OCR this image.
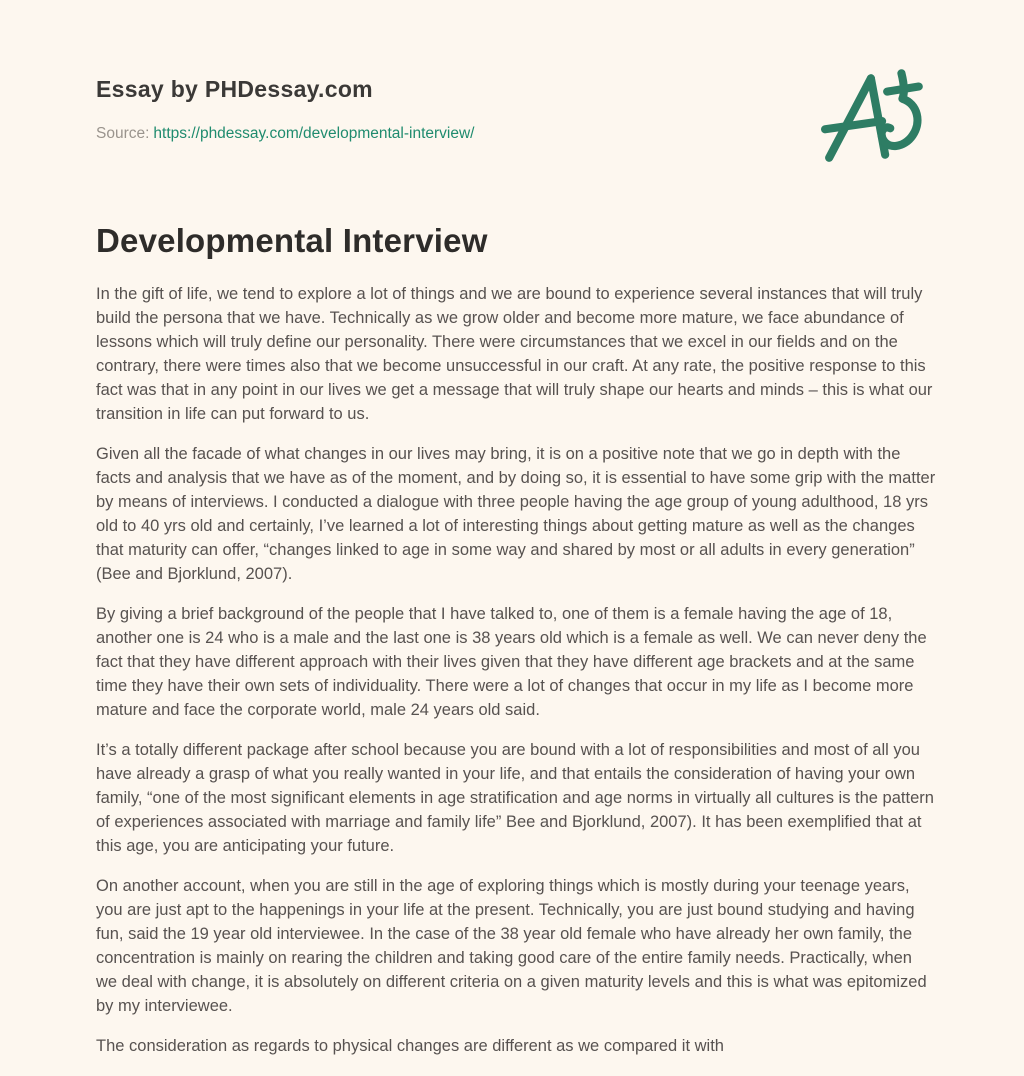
Essay by PHDessay.com
Source: https://phdessay.com/developmental-interview/
Developmental Interview

In the gift of life, we tend to explore a lot of things and we are bound to experience several instances that will truly build the persona that we have. Technically as we grow older and become more mature, we face abundance of lessons which will truly define our personality. There were circumstances that we excel in our fields and on the contrary, there were times also that we become unsuccessful in our craft. At any rate, the positive response to this fact was that in any point in our lives we get a message that will truly shape our hearts and minds – this is what our transition in life can put forward to us.

Given all the facade of what changes in our lives may bring, it is on a positive note that we go in depth with the facts and analysis that we have as of the moment, and by doing so, it is essential to have some grip with the matter by means of interviews. I conducted a dialogue with three people having the age group of young adulthood, 18 yrs old to 40 yrs old and certainly, I’ve learned a lot of interesting things about getting mature as well as the changes that maturity can offer, “changes linked to age in some way and shared by most or all adults in every generation” (Bee and Bjorklund, 2007).

By giving a brief background of the people that I have talked to, one of them is a female having the age of 18, another one is 24 who is a male and the last one is 38 years old which is a female as well. We can never deny the fact that they have different approach with their lives given that they have different age brackets and at the same time they have their own sets of individuality. There were a lot of changes that occur in my life as I become more mature and face the corporate world, male 24 years old said.

It’s a totally different package after school because you are bound with a lot of responsibilities and most of all you have already a grasp of what you really wanted in your life, and that entails the consideration of having your own family, “one of the most significant elements in age stratification and age norms in virtually all cultures is the pattern of experiences associated with marriage and family life” Bee and Bjorklund, 2007). It has been exemplified that at this age, you are anticipating your future.

On another account, when you are still in the age of exploring things which is mostly during your teenage years, you are just apt to the happenings in your life at the present. Technically, you are just bound studying and having fun, said the 19 year old interviewee. In the case of the 38 year old female who have already her own family, the concentration is mainly on rearing the children and taking good care of the entire family needs. Practically, when we deal with change, it is absolutely on different criteria on a given maturity levels and this is what was epitomized by my interviewee.

The consideration as regards to physical changes are different as we compared it with
